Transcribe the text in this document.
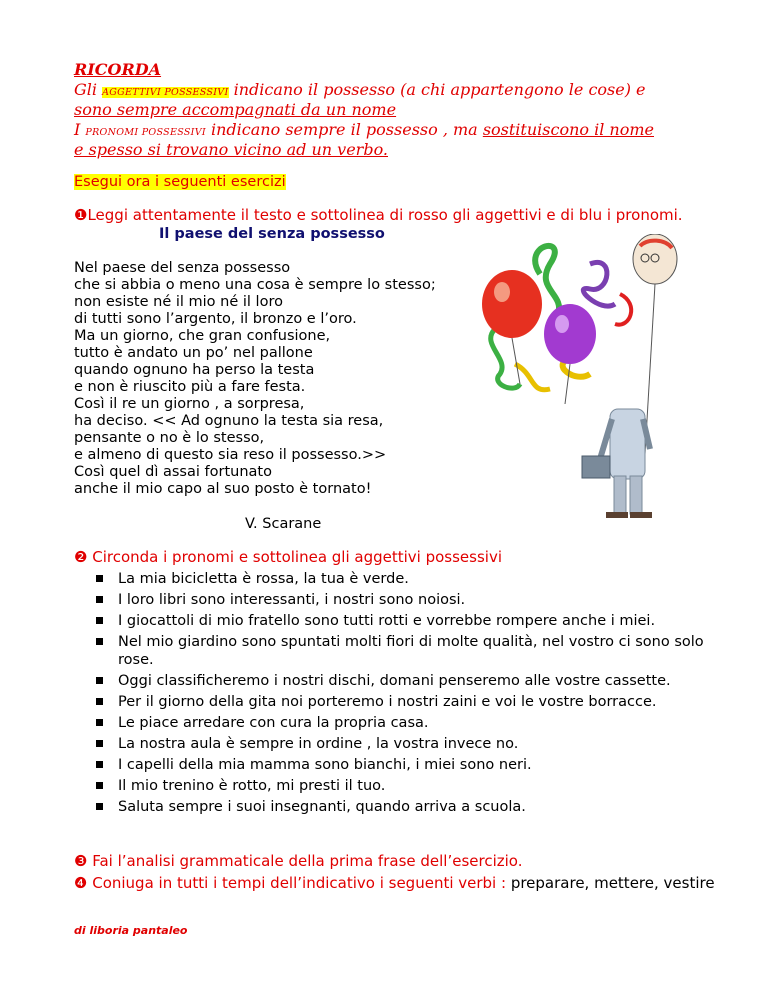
RICORDA
Gli AGGETTIVI POSSESSIVI indicano il possesso (a chi appartengono le cose) e
sono sempre accompagnati da un nome
I PRONOMI POSSESSIVI indicano sempre il possesso , ma sostituiscono il nome
e spesso si trovano vicino ad un verbo.
Esegui ora i seguenti esercizi
❶Leggi attentamente il testo e sottolinea di rosso gli aggettivi e di blu i pronomi.
Il paese del senza possesso
Nel paese del senza possesso
che si abbia o meno una cosa è sempre lo stesso;
non esiste né il mio né il loro
di tutti sono l’argento, il bronzo e l’oro.
Ma un giorno, che gran confusione,
tutto è andato un po’ nel pallone
quando ognuno ha perso la testa
e non è riuscito più a fare festa.
Così il re un giorno , a sorpresa,
ha deciso. << Ad ognuno la testa sia resa,
pensante o no è lo stesso,
e almeno di questo sia reso il possesso.>>
Così quel dì assai fortunato
anche il mio capo al suo posto è tornato!
V. Scarane
❷ Circonda i pronomi e sottolinea gli aggettivi possessivi
La mia bicicletta è rossa, la tua è verde.
I loro libri sono interessanti, i nostri sono noiosi.
I giocattoli di mio fratello sono tutti rotti e vorrebbe rompere anche i miei.
Nel mio giardino sono spuntati molti fiori di molte qualità, nel vostro ci sono solo rose.
Oggi classificheremo i nostri dischi, domani penseremo alle vostre cassette.
Per il giorno della gita noi porteremo i nostri zaini e voi le vostre borracce.
Le piace arredare con cura la propria casa.
La nostra aula è sempre in ordine , la vostra invece no.
I capelli della mia mamma sono bianchi, i miei sono neri.
Il mio trenino è rotto, mi presti il tuo.
Saluta sempre i suoi insegnanti, quando arriva a scuola.
❸ Fai l’analisi grammaticale della prima frase dell’esercizio.
❹ Coniuga in tutti i tempi dell’indicativo i seguenti verbi : preparare, mettere, vestire
di liboria pantaleo
